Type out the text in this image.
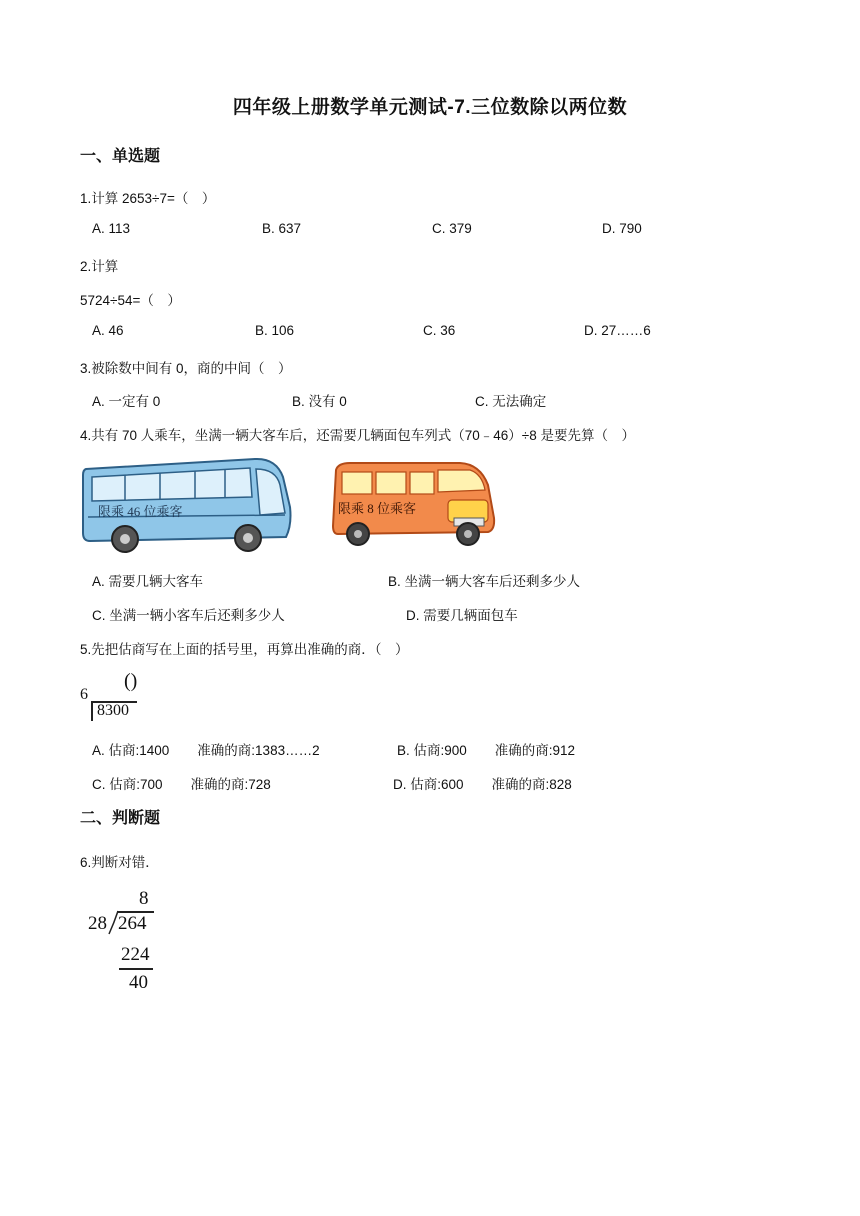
四年级上册数学单元测试-7.三位数除以两位数
一、单选题
1.计算 2653÷7=（　）
A. 113	B. 637	C. 379	D. 790
2.计算
5724÷54=（　）
A. 46	B. 106	C. 36	D. 27……6
3.被除数中间有 0，商的中间（　）
A. 一定有 0	B. 没有 0	C. 无法确定
4.共有 70 人乘车，坐满一辆大客车后，还需要几辆面包车列式（70﹣46）÷8 是要先算（　）
限乘 46 位乘客	限乘 8 位乘客
A. 需要几辆大客车	B. 坐满一辆大客车后还剩多少人
C. 坐满一辆小客车后还剩多少人	D. 需要几辆面包车
5.先把估商写在上面的括号里，再算出准确的商．（　）
()
6
8300
A. 估商:1400 准确的商:1383……2	B. 估商:900 准确的商:912
C. 估商:700 准确的商:728	D. 估商:600 准确的商:828
二、判断题
6.判断对错．
8
28 264
224
40
